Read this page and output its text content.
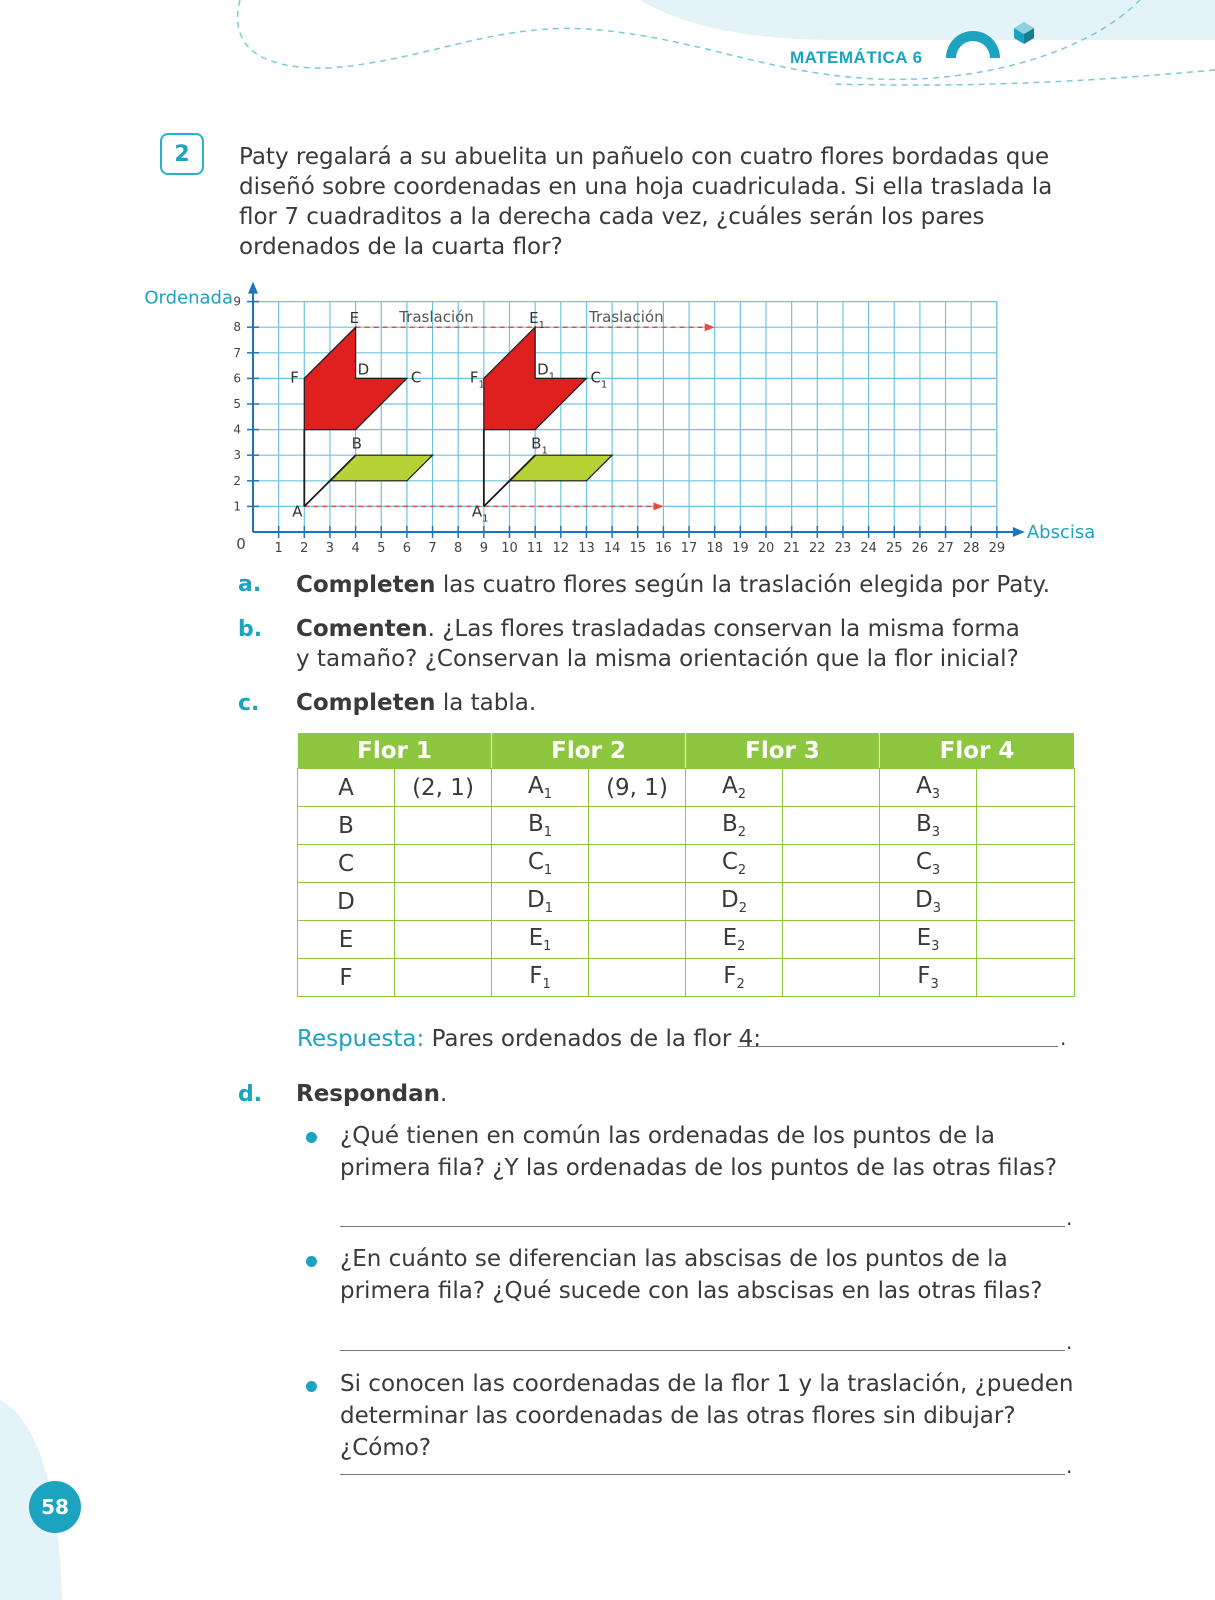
MATEMÁTICA 6
2	Paty regalará a su abuelita un pañuelo con cuatro flores bordadas que diseñó sobre coordenadas en una hoja cuadriculada. Si ella traslada la flor 7 cuadraditos a la derecha cada vez, ¿cuáles serán los pares ordenados de la cuarta flor?
A
B
C
D
E
F
$A_1$
$B_1$
$C_1$
$D_1$
$E_1$
$F_1$
Traslación	Traslación
1 2 3 4 5 6 7 8 9 10 11 12 13 14 15 16 17 18 19 20 21 22 23 24 25 26 27 28 29
1
2
3
4
5
6
7
8
9
0
Ordenada
Abscisa
a. Completen las cuatro flores según la traslación elegida por Paty.
b. Comenten. ¿Las flores trasladadas conservan la misma forma y tamaño? ¿Conservan la misma orientación que la flor inicial?
c. Completen la tabla.
Flor 1		Flor 2		Flor 3		Flor 4	
A	(2, 1)	$A_1$	(9, 1)	$A_2$		$A_3$	
B		$B_1$		$B_2$		$B_3$	
C		$C_1$		$C_2$		$C_3$	
D		$D_1$		$D_2$		$D_3$	
E		$E_1$		$E_2$		$E_3$	
F		$F_1$		$F_2$		$F_3$	
Respuesta: Pares ordenados de la flor 4:	.
d. Respondan.
¿Qué tienen en común las ordenadas de los puntos de la primera fila? ¿Y las ordenadas de los puntos de las otras filas?
.
¿En cuánto se diferencian las abscisas de los puntos de la primera fila? ¿Qué sucede con las abscisas en las otras filas?
.
Si conocen las coordenadas de la flor 1 y la traslación, ¿pueden determinar las coordenadas de las otras flores sin dibujar? ¿Cómo?
.
58
